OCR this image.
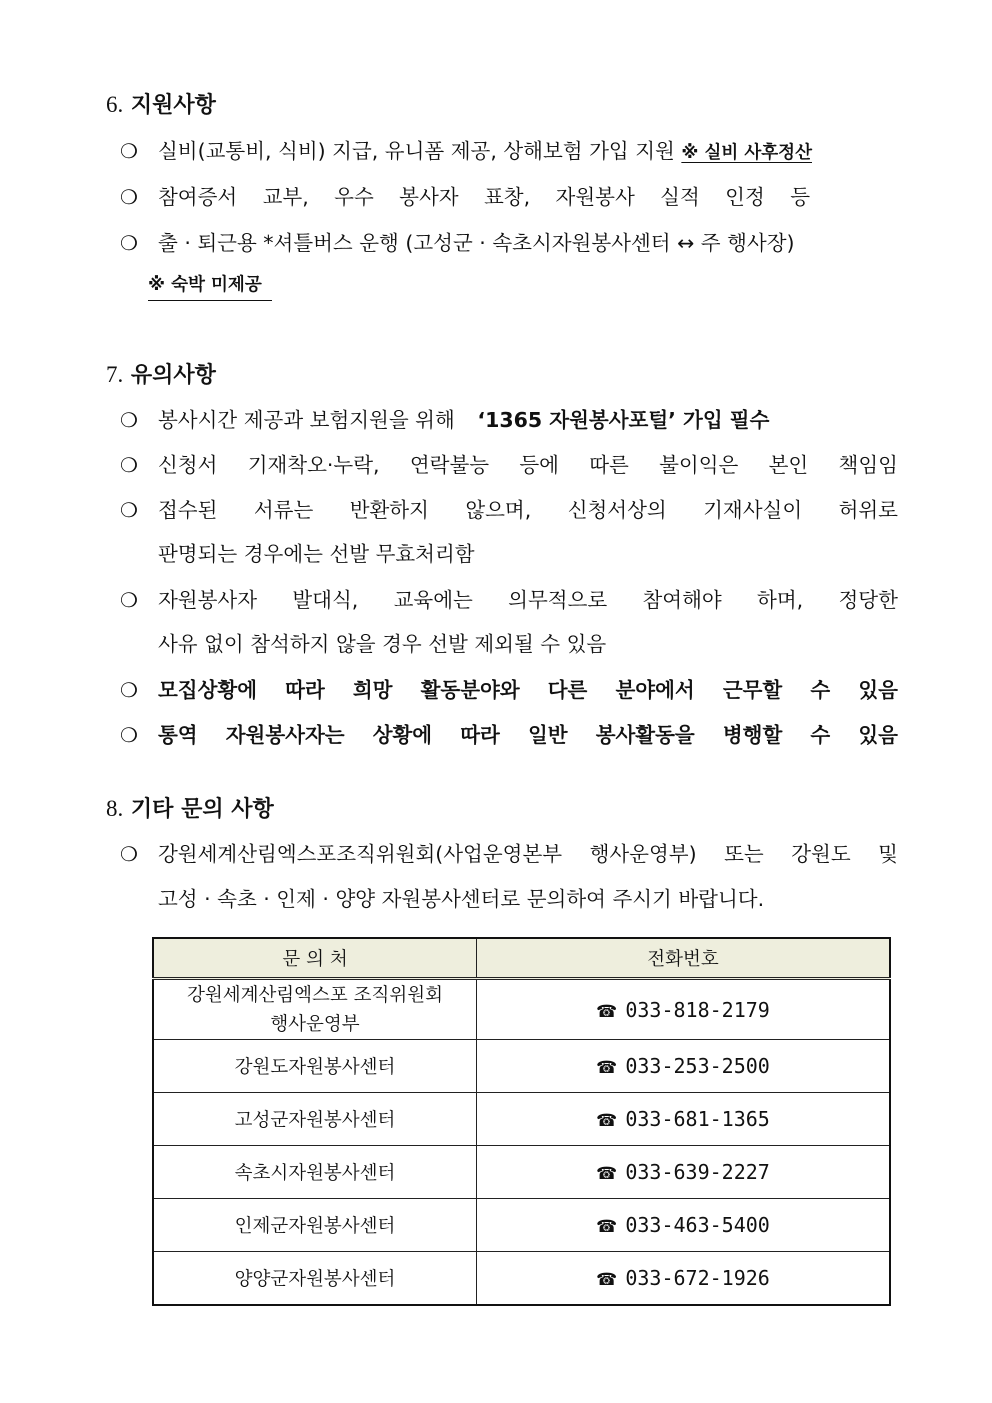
6. 지원사항
❍ 실비(교통비, 식비) 지급, 유니폼 제공, 상해보험 가입 지원 ※ 실비 사후정산
❍ 참여증서 교부, 우수 봉사자 표창, 자원봉사 실적 인정 등
❍ 출 · 퇴근용 *셔틀버스 운행 (고성군 · 속초시자원봉사센터 ↔ 주 행사장)
※ 숙박 미제공
7. 유의사항
❍ 봉사시간 제공과 보험지원을 위해 ‘1365 자원봉사포털’ 가입 필수
❍ 신청서 기재착오·누락, 연락불능 등에 따른 불이익은 본인 책임임
❍ 접수된 서류는 반환하지 않으며, 신청서상의 기재사실이 허위로
판명되는 경우에는 선발 무효처리함
❍ 자원봉사자 발대식, 교육에는 의무적으로 참여해야 하며, 정당한
사유 없이 참석하지 않을 경우 선발 제외될 수 있음
❍ 모집상황에 따라 희망 활동분야와 다른 분야에서 근무할 수 있음
❍ 통역 자원봉사자는 상황에 따라 일반 봉사활동을 병행할 수 있음
8. 기타 문의 사항
❍ 강원세계산림엑스포조직위원회(사업운영본부 행사운영부) 또는 강원도 및
고성 · 속초 · 인제 · 양양 자원봉사센터로 문의하여 주시기 바랍니다.
문 의 처	전화번호
강원세계산림엑스포 조직위원회
행사운영부	☎ 033-818-2179
강원도자원봉사센터	☎ 033-253-2500
고성군자원봉사센터	☎ 033-681-1365
속초시자원봉사센터	☎ 033-639-2227
인제군자원봉사센터	☎ 033-463-5400
양양군자원봉사센터	☎ 033-672-1926
